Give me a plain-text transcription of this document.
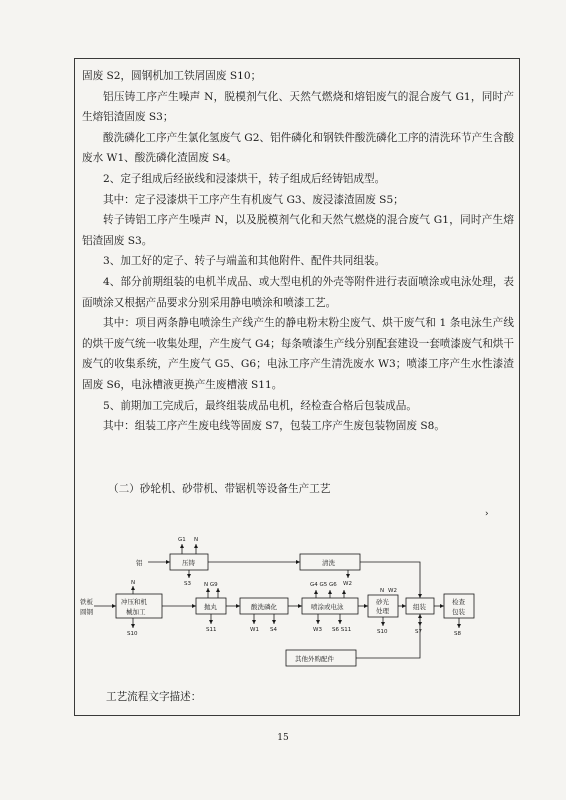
固废 S2，圆钢机加工铁屑固废 S10；

铝压铸工序产生噪声 N，脱模剂气化、天然气燃烧和熔铝废气的混合废气 G1，同时产生熔铝渣固废 S3；

酸洗磷化工序产生氯化氢废气 G2、铝件磷化和钢铁件酸洗磷化工序的清洗环节产生含酸废水 W1、酸洗磷化渣固废 S4。

2、定子组成后经嵌线和浸漆烘干，转子组成后经铸铝成型。

其中：定子浸漆烘干工序产生有机废气 G3、废浸漆渣固废 S5；

转子铸铝工序产生噪声 N，以及脱模剂气化和天然气燃烧的混合废气 G1，同时产生熔铝渣固废 S3。

3、加工好的定子、转子与端盖和其他附件、配件共同组装。

4、部分前期组装的电机半成品、或大型电机的外壳等附件进行表面喷涂或电泳处理，表面喷涂又根据产品要求分别采用静电喷涂和喷漆工艺。

其中：项目两条静电喷涂生产线产生的静电粉末粉尘废气、烘干废气和 1 条电泳生产线的烘干废气统一收集处理，产生废气 G4；每条喷漆生产线分别配套建设一套喷漆废气和烘干废气的收集系统，产生废气 G5、G6；电泳工序产生清洗废水 W3；喷漆工序产生水性漆渣固废 S6，电泳槽液更换产生废槽液 S11。

5、前期加工完成后，最终组装成品电机，经检查合格后包装成品。

其中：组装工序产生废电线等固废 S7，包装工序产生废包装物固废 S8。

（二）砂轮机、砂带机、带锯机等设备生产工艺
›
铝
铁板
圆钢
压铸	清洗
冲压和机
械加工
抛丸	酸洗磷化	喷涂或电泳
砂光
处理	组装
检查
包装
其他外购配件
G1 N
S3	W2
N
S10
N G9
S11	W1 S4
G4 G5 G6
W3 S6 S11
N W2
S10	S7	S8
工艺流程文字描述：
15
